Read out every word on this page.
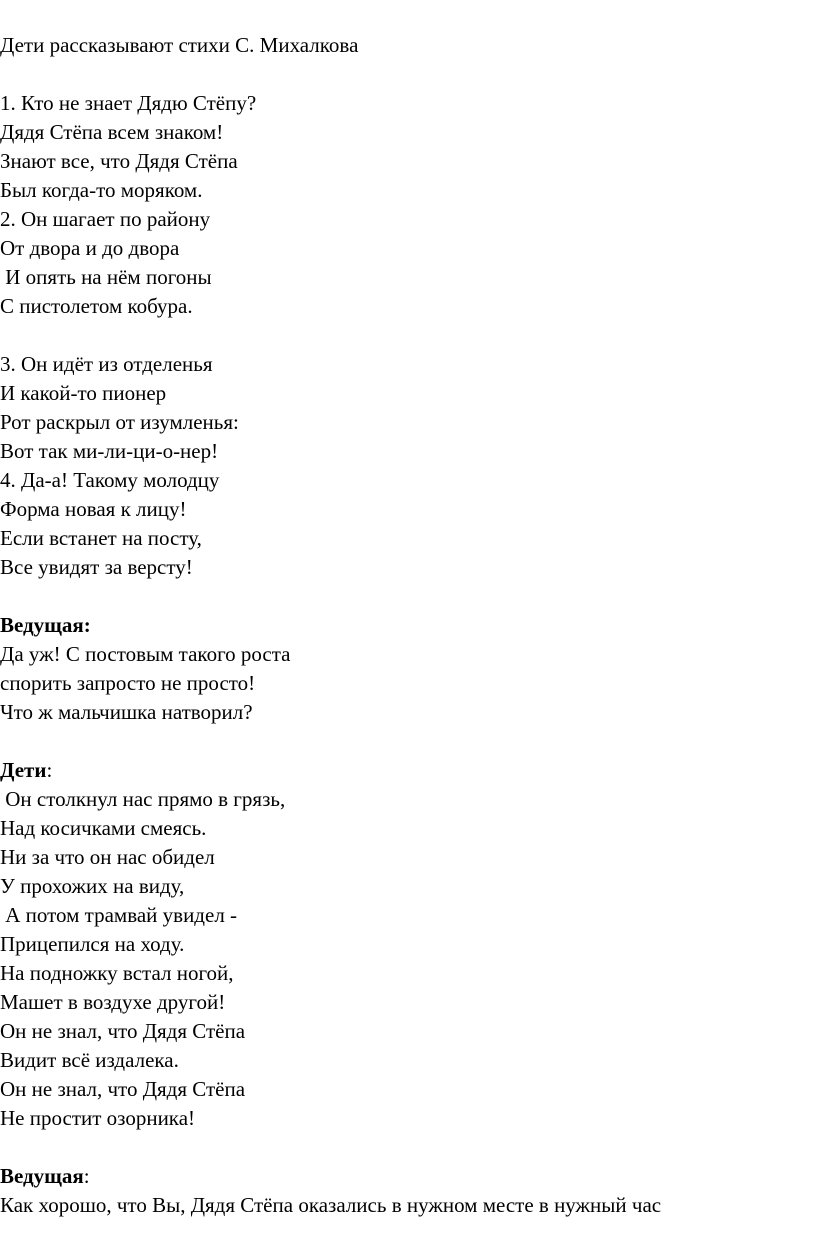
Дети рассказывают стихи С. Михалкова
1. Кто не знает Дядю Стёпу?
Дядя Стёпа всем знаком!
Знают все, что Дядя Стёпа
Был когда-то моряком.
2. Он шагает по району
От двора и до двора
И опять на нём погоны
С пистолетом кобура.
3. Он идёт из отделенья
И какой-то пионер
Рот раскрыл от изумленья:
Вот так ми-ли-ци-о-нер!
4. Да-а! Такому молодцу
Форма новая к лицу!
Если встанет на посту,
Все увидят за версту!
Ведущая:
Да уж! С постовым такого роста
спорить запросто не просто!
Что ж мальчишка натворил?
Дети:
Он столкнул нас прямо в грязь,
Над косичками смеясь.
Ни за что он нас обидел
У прохожих на виду,
А потом трамвай увидел -
Прицепился на ходу.
На подножку встал ногой,
Машет в воздухе другой!
Он не знал, что Дядя Стёпа
Видит всё издалека.
Он не знал, что Дядя Стёпа
Не простит озорника!
Ведущая:
Как хорошо, что Вы, Дядя Стёпа оказались в нужном месте в нужный час
